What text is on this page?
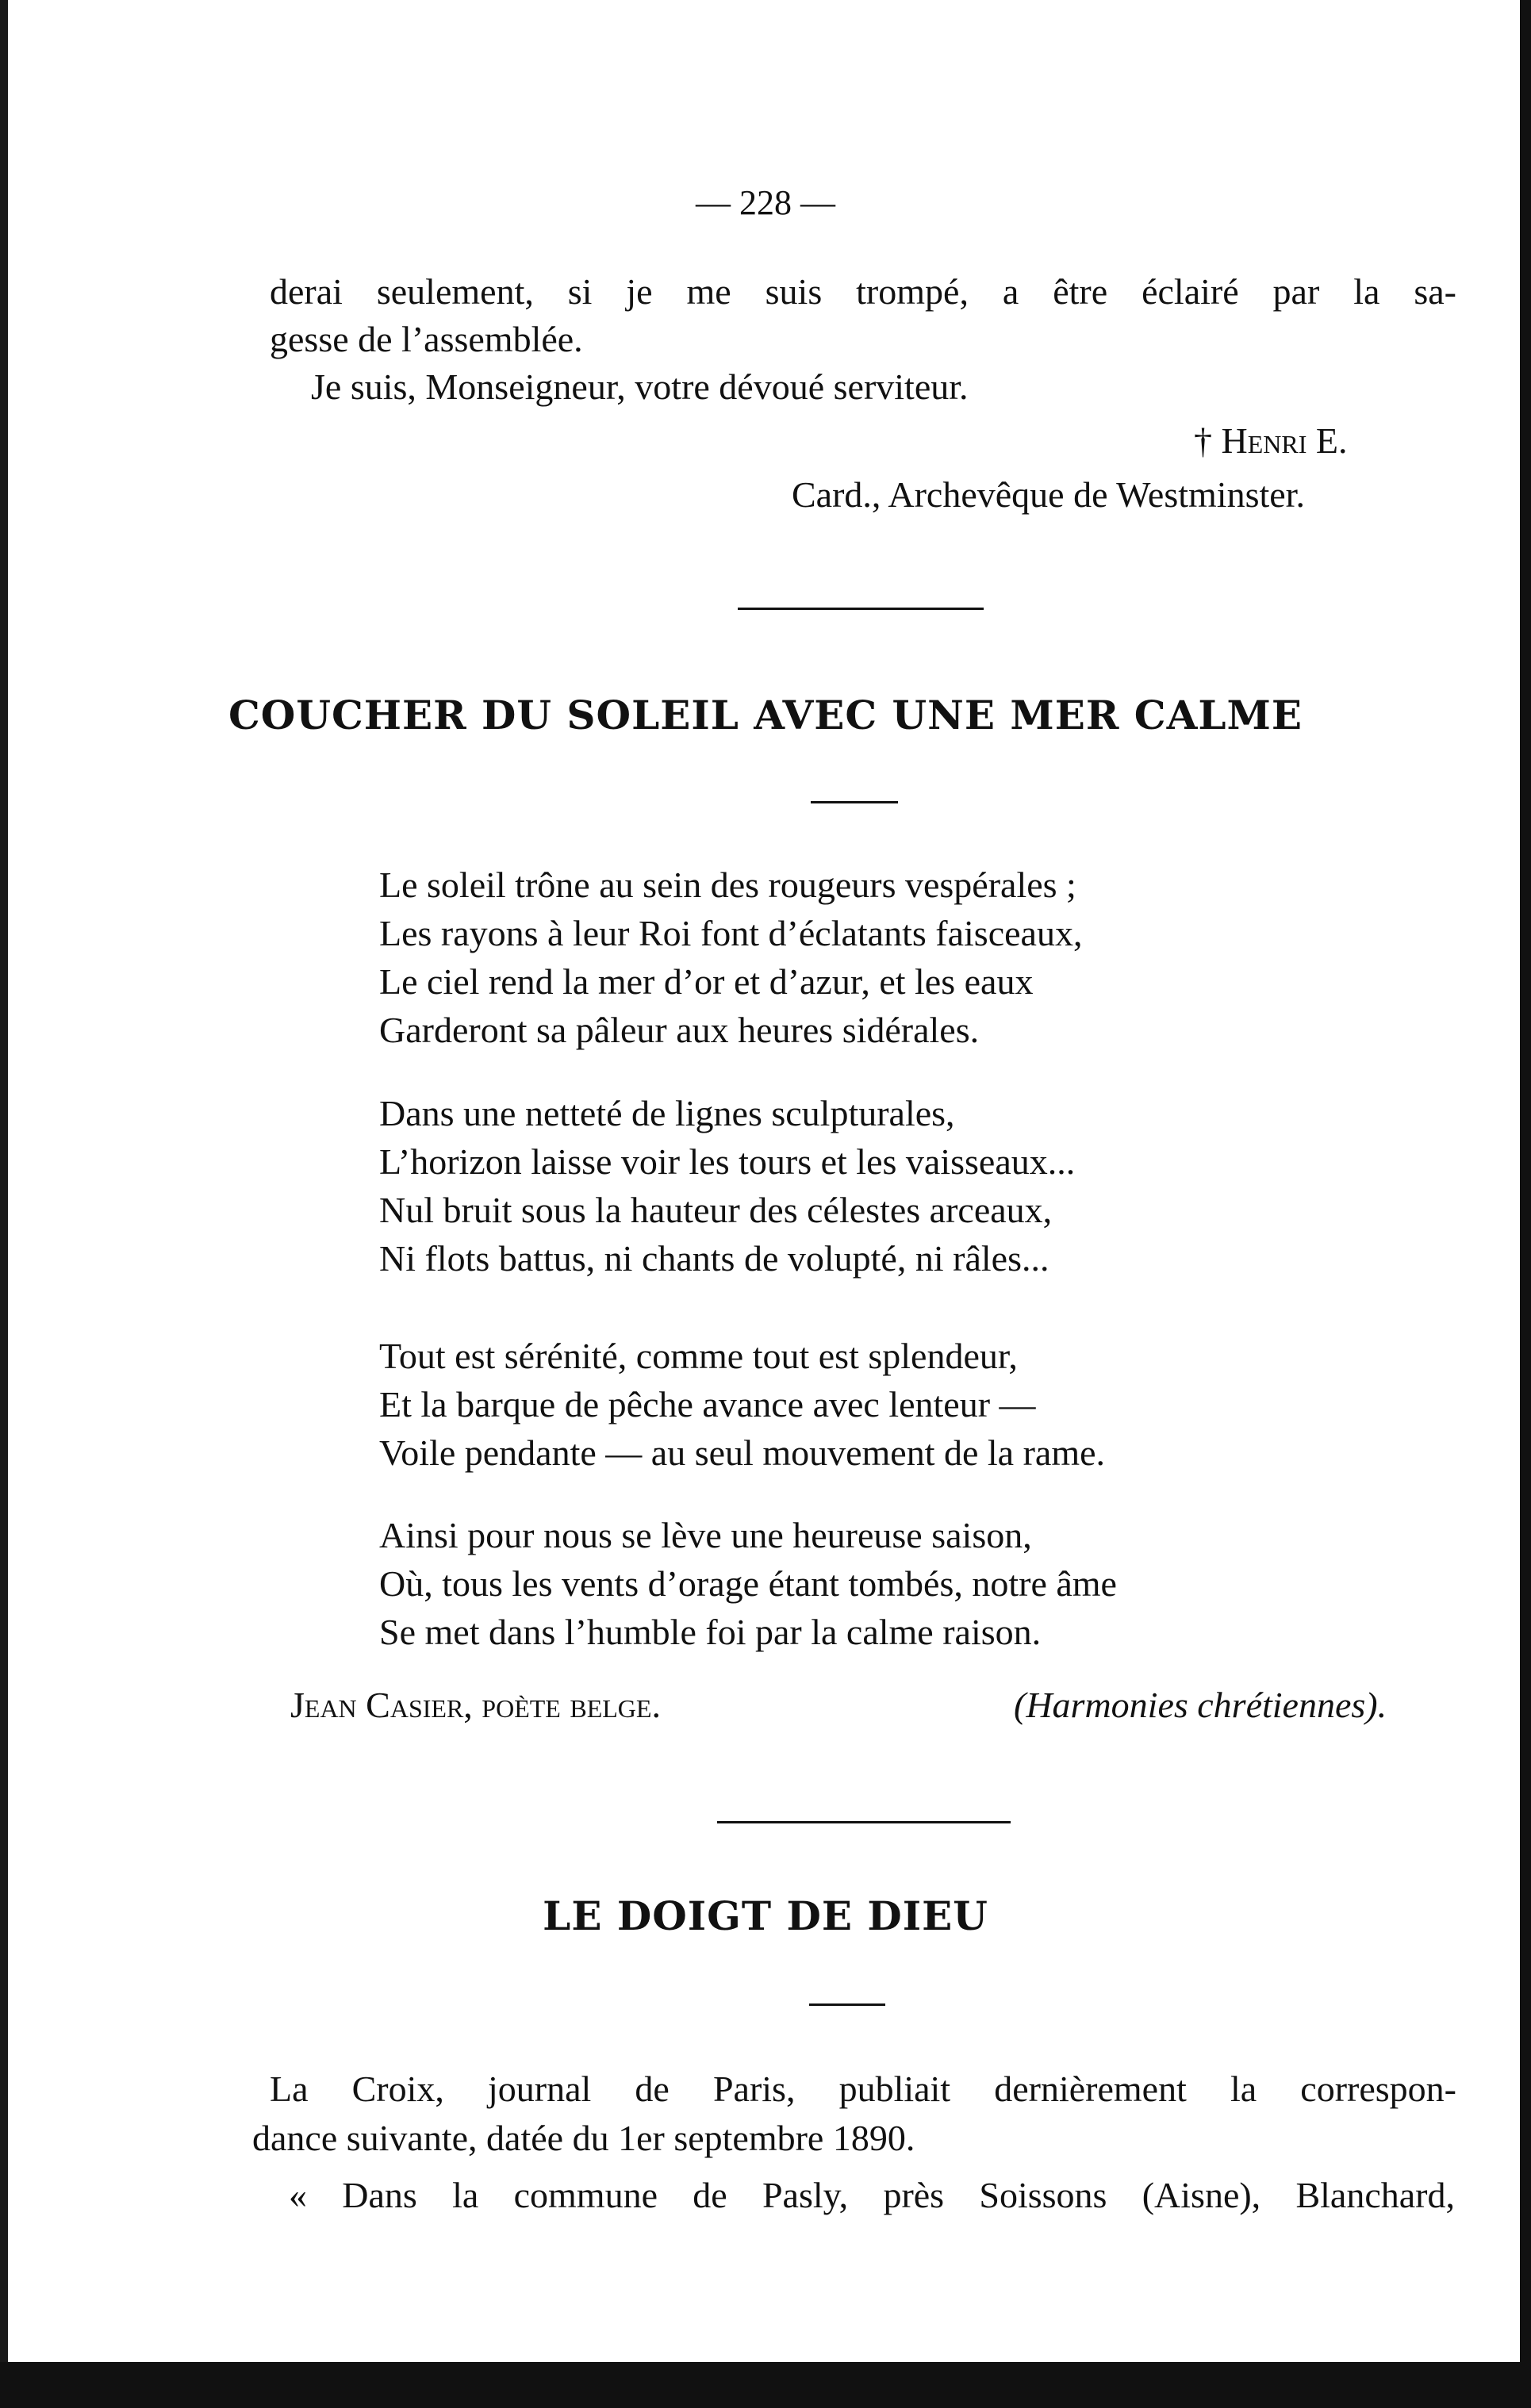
— 228 —
derai seulement, si je me suis trompé, a être éclairé par la sa-
gesse de l’assemblée.
Je suis, Monseigneur, votre dévoué serviteur.
† Henri E.
Card., Archevêque de Westminster.
COUCHER DU SOLEIL AVEC UNE MER CALME
Le soleil trône au sein des rougeurs vespérales ;
Les rayons à leur Roi font d’éclatants faisceaux,
Le ciel rend la mer d’or et d’azur, et les eaux
Garderont sa pâleur aux heures sidérales.
Dans une netteté de lignes sculpturales,
L’horizon laisse voir les tours et les vaisseaux...
Nul bruit sous la hauteur des célestes arceaux,
Ni flots battus, ni chants de volupté, ni râles...
Tout est sérénité, comme tout est splendeur,
Et la barque de pêche avance avec lenteur —
Voile pendante — au seul mouvement de la rame.
Ainsi pour nous se lève une heureuse saison,
Où, tous les vents d’orage étant tombés, notre âme
Se met dans l’humble foi par la calme raison.
Jean Casier, poète belge.	(Harmonies chrétiennes).
LE DOIGT DE DIEU
La Croix, journal de Paris, publiait dernièrement la correspon-
dance suivante, datée du 1er septembre 1890.
« Dans la commune de Pasly, près Soissons (Aisne), Blanchard,
